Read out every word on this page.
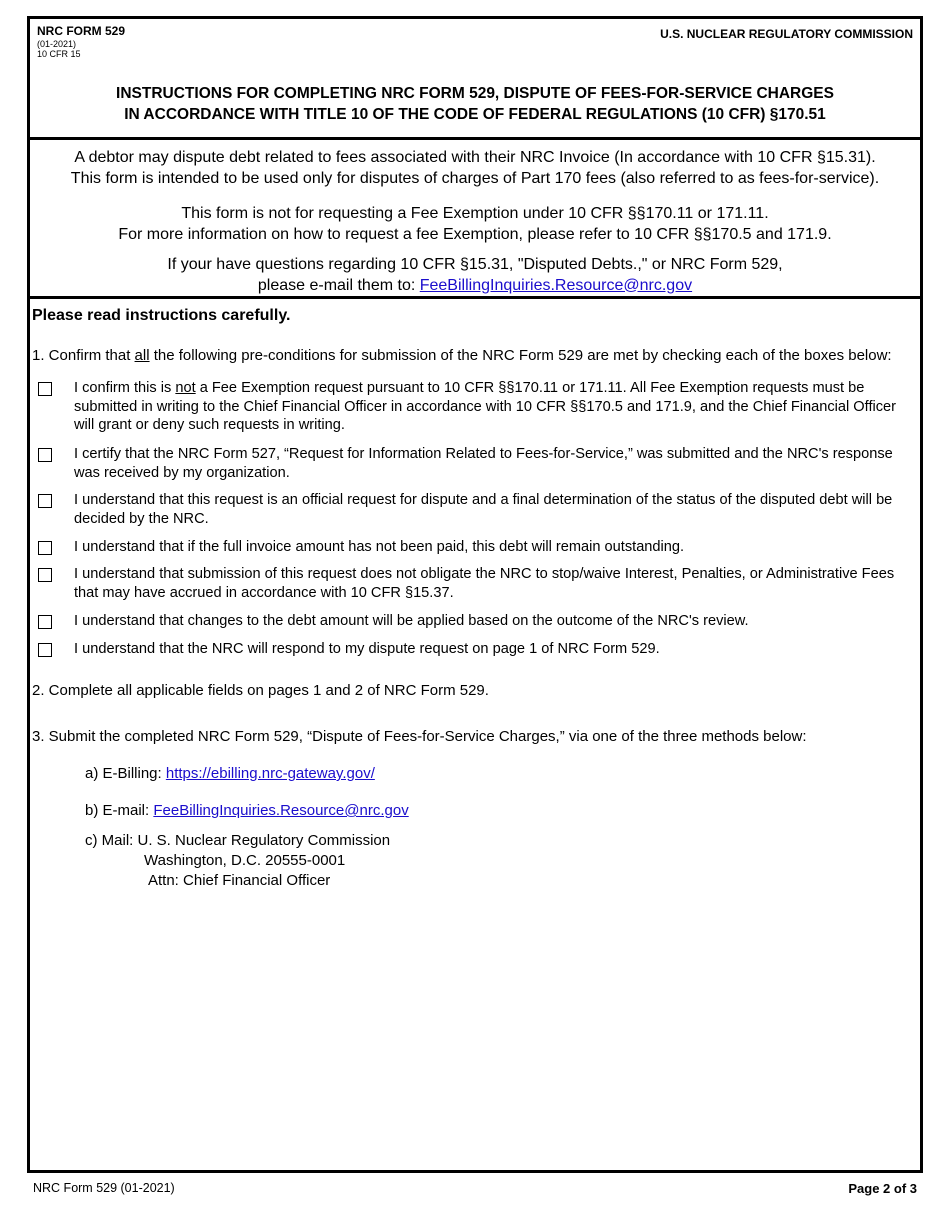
NRC FORM 529
(01-2021)
10 CFR 15
U.S. NUCLEAR REGULATORY COMMISSION
INSTRUCTIONS FOR COMPLETING NRC FORM 529, DISPUTE OF FEES-FOR-SERVICE CHARGES
IN ACCORDANCE WITH TITLE 10 OF THE CODE OF FEDERAL REGULATIONS (10 CFR) §170.51

A debtor may dispute debt related to fees associated with their NRC Invoice (In accordance with 10 CFR §15.31).

This form is intended to be used only for disputes of charges of Part 170 fees (also referred to as fees-for-service).

This form is not for requesting a Fee Exemption under 10 CFR §§170.11 or 171.11.

For more information on how to request a fee Exemption, please refer to 10 CFR §§170.5 and 171.9.

If your have questions regarding 10 CFR §15.31, "Disputed Debts.," or NRC Form 529,

please e-mail them to: FeeBillingInquiries.Resource@nrc.gov

Please read instructions carefully.
1. Confirm that all the following pre-conditions for submission of the NRC Form 529 are met by checking each of the boxes below:
I confirm this is not a Fee Exemption request pursuant to 10 CFR §§170.11 or 171.11. All Fee Exemption requests must be submitted in writing to the Chief Financial Officer in accordance with 10 CFR §§170.5 and 171.9, and the Chief Financial Officer will grant or deny such requests in writing.
I certify that the NRC Form 527, “Request for Information Related to Fees-for-Service,” was submitted and the NRC's response was received by my organization.
I understand that this request is an official request for dispute and a final determination of the status of the disputed debt will be decided by the NRC.
I understand that if the full invoice amount has not been paid, this debt will remain outstanding.
I understand that submission of this request does not obligate the NRC to stop/waive Interest, Penalties, or Administrative Fees that may have accrued in accordance with 10 CFR §15.37.
I understand that changes to the debt amount will be applied based on the outcome of the NRC's review.
I understand that the NRC will respond to my dispute request on page 1 of NRC Form 529.
2. Complete all applicable fields on pages 1 and 2 of NRC Form 529.
3. Submit the completed NRC Form 529, “Dispute of Fees-for-Service Charges,” via one of the three methods below:
a) E-Billing: https://ebilling.nrc-gateway.gov/
b) E-mail: FeeBillingInquiries.Resource@nrc.gov
c) Mail: U. S. Nuclear Regulatory Commission
Washington, D.C. 20555-0001
Attn: Chief Financial Officer
NRC Form 529 (01-2021)	Page 2 of 3
